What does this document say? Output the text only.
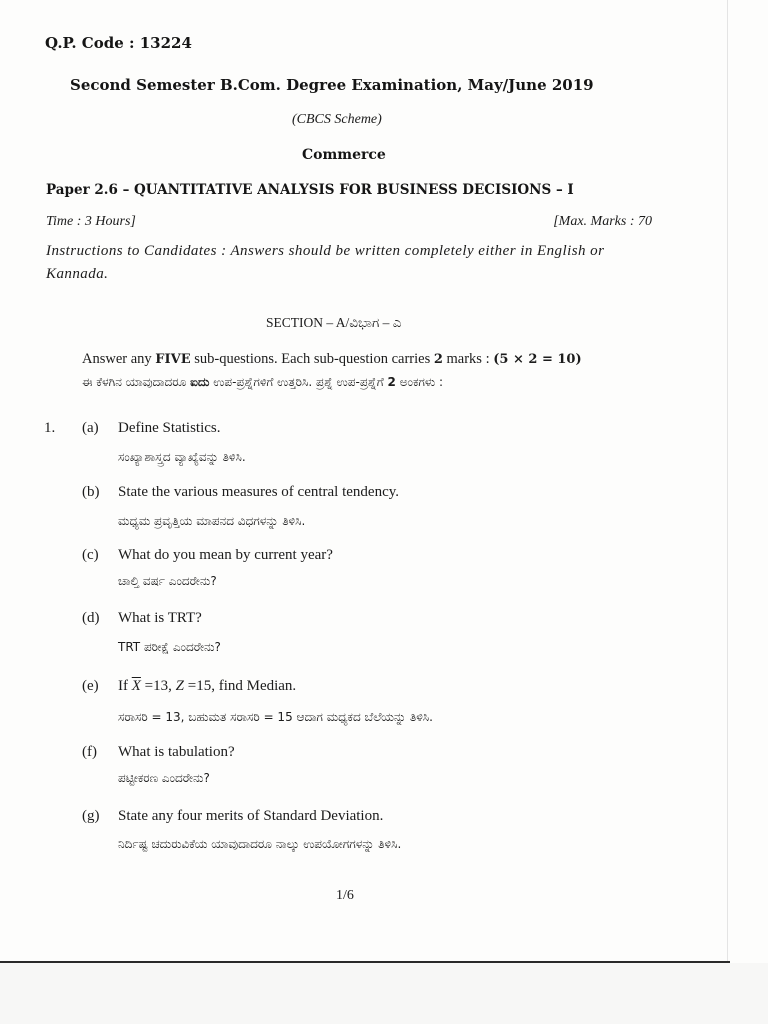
Q.P. Code : 13224
Second Semester B.Com. Degree Examination, May/June 2019
(CBCS Scheme)
Commerce
Paper 2.6 – QUANTITATIVE ANALYSIS FOR BUSINESS DECISIONS – I
Time : 3 Hours]	[Max. Marks : 70
Instructions to Candidates : Answers should be written completely either in English or
Kannada.
SECTION – A/ವಿಭಾಗ – ಎ
Answer any FIVE sub-questions. Each sub-question carries 2 marks : (5 × 2 = 10)
ಈ ಕೆಳಗಿನ ಯಾವುದಾದರೂ ಐದು ಉಪ-ಪ್ರಶ್ನೆಗಳಿಗೆ ಉತ್ತರಿಸಿ. ಪ್ರಶ್ನೆ ಉಪ-ಪ್ರಶ್ನೆಗೆ 2 ಅಂಕಗಳು :
1. (a) Define Statistics.
ಸಂಖ್ಯಾಶಾಸ್ತ್ರದ ವ್ಯಾಖ್ಯೆವನ್ನು ತಿಳಿಸಿ.
(b) State the various measures of central tendency.
ಮಧ್ಯಮ ಪ್ರವೃತ್ತಿಯ ಮಾಪನದ ವಿಧಗಳನ್ನು ತಿಳಿಸಿ.
(c) What do you mean by current year?
ಚಾಲ್ತಿ ವರ್ಷ ಎಂದರೇನು?
(d) What is TRT?
TRT ಪರೀಕ್ಷೆ ಎಂದರೇನು?
(e) If $\overline{X} =13$, Z =15, find Median.
ಸರಾಸರಿ = 13, ಬಹುಮತ ಸರಾಸರಿ = 15 ಆದಾಗ ಮಧ್ಯಕದ ಬೆಲೆಯನ್ನು ತಿಳಿಸಿ.
(f) What is tabulation?
ಪಟ್ಟೀಕರಣ ಎಂದರೇನು?
(g) State any four merits of Standard Deviation.
ನಿರ್ದಿಷ್ಟ ಚದುರುವಿಕೆಯ ಯಾವುದಾದರೂ ನಾಲ್ಕು ಉಪಯೋಗಗಳನ್ನು ತಿಳಿಸಿ.
1/6
